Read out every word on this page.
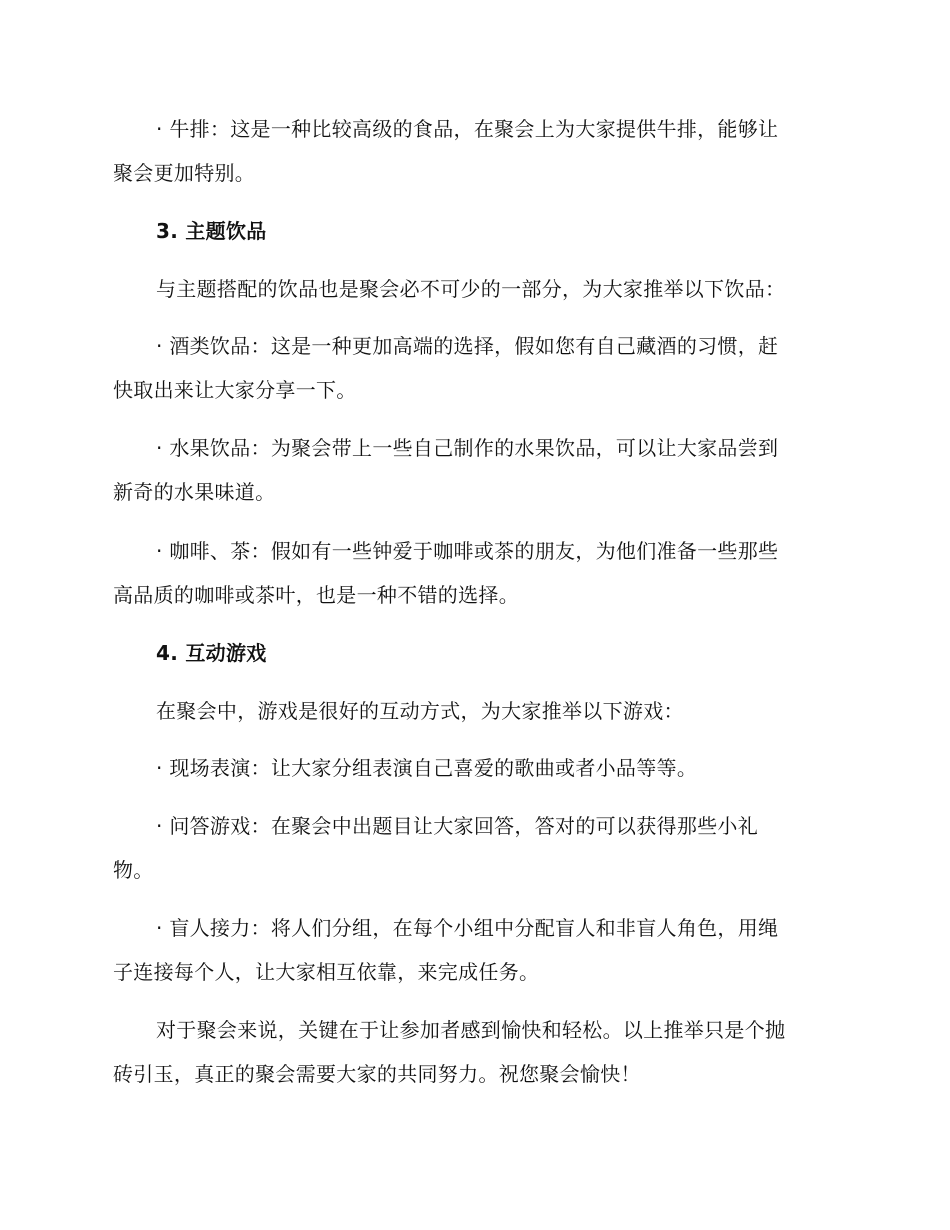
· 牛排：这是一种比较高级的食品，在聚会上为大家提供牛排，能够让
聚会更加特别。
3. 主题饮品
与主题搭配的饮品也是聚会必不可少的一部分，为大家推举以下饮品：
· 酒类饮品：这是一种更加高端的选择，假如您有自己藏酒的习惯，赶
快取出来让大家分享一下。
· 水果饮品：为聚会带上一些自己制作的水果饮品，可以让大家品尝到
新奇的水果味道。
· 咖啡、茶：假如有一些钟爱于咖啡或茶的朋友，为他们准备一些那些
高品质的咖啡或茶叶，也是一种不错的选择。
4. 互动游戏
在聚会中，游戏是很好的互动方式，为大家推举以下游戏：
· 现场表演：让大家分组表演自己喜爱的歌曲或者小品等等。
· 问答游戏：在聚会中出题目让大家回答，答对的可以获得那些小礼
物。
· 盲人接力：将人们分组，在每个小组中分配盲人和非盲人角色，用绳
子连接每个人，让大家相互依靠，来完成任务。
对于聚会来说，关键在于让参加者感到愉快和轻松。以上推举只是个抛
砖引玉，真正的聚会需要大家的共同努力。祝您聚会愉快！
